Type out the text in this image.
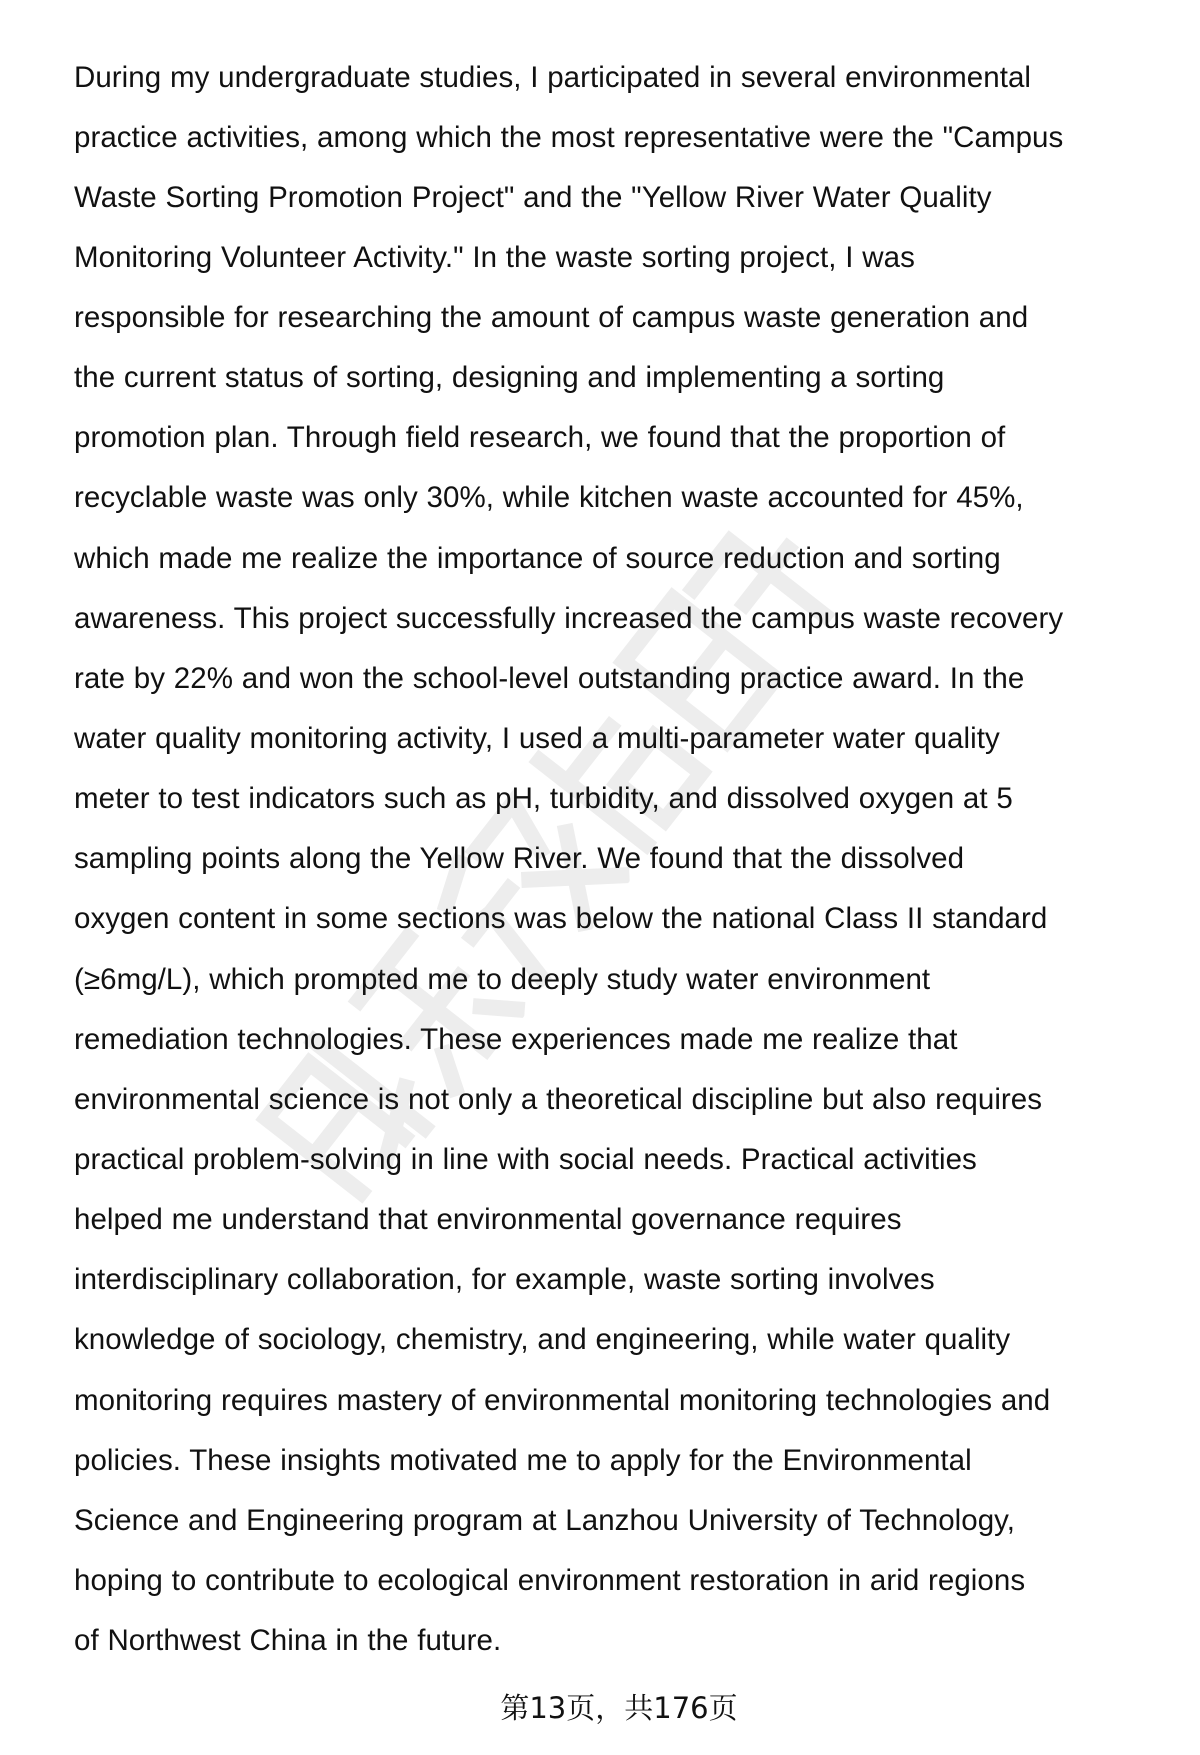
During my undergraduate studies, I participated in several environmental
practice activities, among which the most representative were the "Campus
Waste Sorting Promotion Project" and the "Yellow River Water Quality
Monitoring Volunteer Activity." In the waste sorting project, I was
responsible for researching the amount of campus waste generation and
the current status of sorting, designing and implementing a sorting
promotion plan. Through field research, we found that the proportion of
recyclable waste was only 30%, while kitchen waste accounted for 45%,
which made me realize the importance of source reduction and sorting
awareness. This project successfully increased the campus waste recovery
rate by 22% and won the school-level outstanding practice award. In the
water quality monitoring activity, I used a multi-parameter water quality
meter to test indicators such as pH, turbidity, and dissolved oxygen at 5
sampling points along the Yellow River. We found that the dissolved
oxygen content in some sections was below the national Class II standard
(≥6mg/L), which prompted me to deeply study water environment
remediation technologies. These experiences made me realize that
environmental science is not only a theoretical discipline but also requires
practical problem-solving in line with social needs. Practical activities
helped me understand that environmental governance requires
interdisciplinary collaboration, for example, waste sorting involves
knowledge of sociology, chemistry, and engineering, while water quality
monitoring requires mastery of environmental monitoring technologies and
policies. These insights motivated me to apply for the Environmental
Science and Engineering program at Lanzhou University of Technology,
hoping to contribute to ecological environment restoration in arid regions
of Northwest China in the future.
第13页，共176页
